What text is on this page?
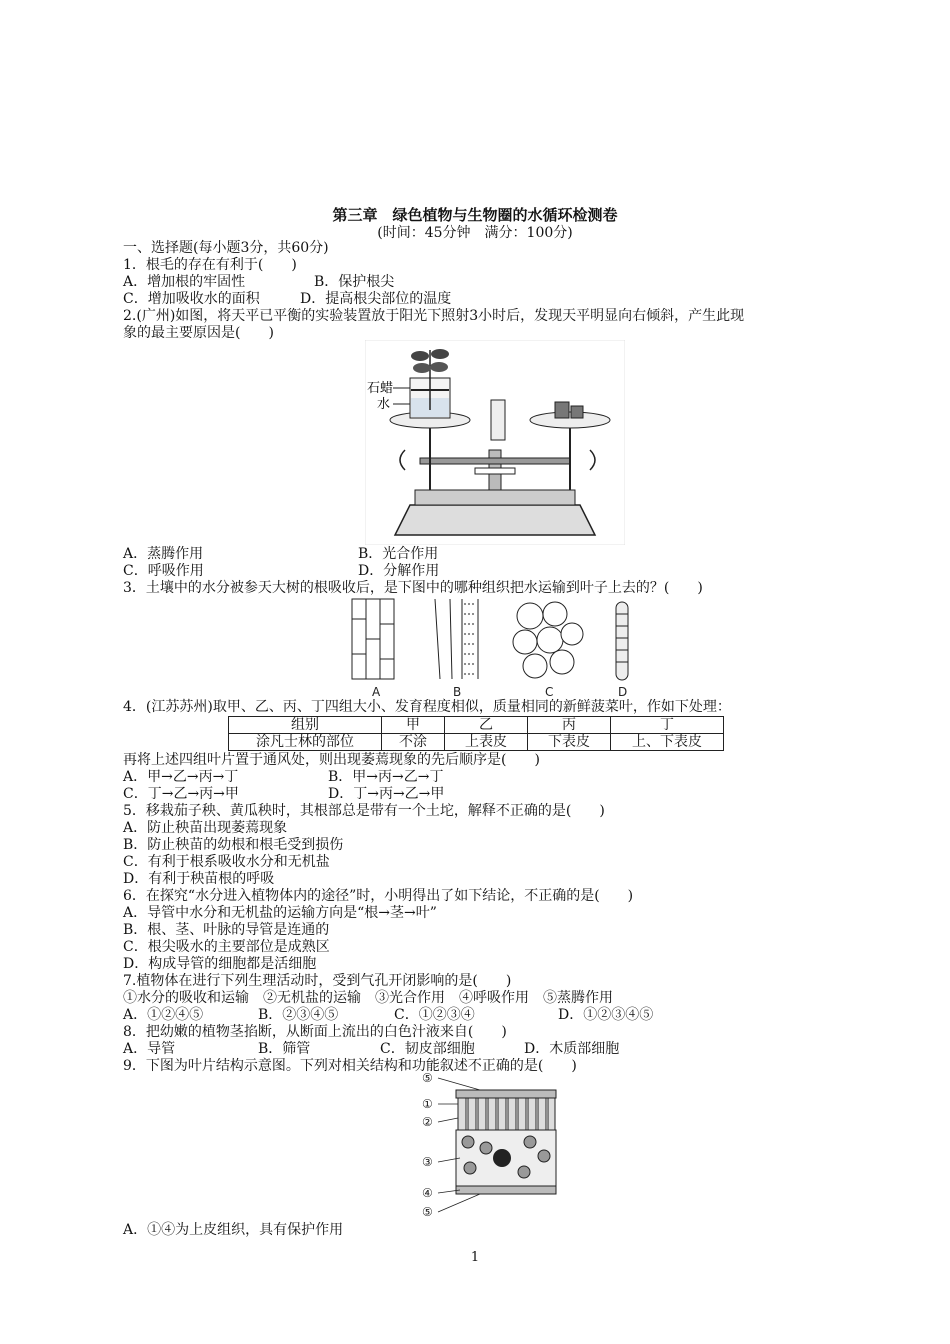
第三章　绿色植物与生物圈的水循环检测卷
(时间：45分钟　满分：100分)
一、选择题(每小题3分，共60分)
1．根毛的存在有利于(　　)
A．增加根的牢固性	B．保护根尖
C．增加吸收水的面积	D．提高根尖部位的温度
2.(广州)如图，将天平已平衡的实验装置放于阳光下照射3小时后，发现天平明显向右倾斜，产生此现
象的最主要原因是(　　)
石蜡
水
A．蒸腾作用	B．光合作用
C．呼吸作用	D．分解作用
3．土壤中的水分被参天大树的根吸收后，是下图中的哪种组织把水运输到叶子上去的？(　　)
A	B	C	D
4．(江苏苏州)取甲、乙、丙、丁四组大小、发育程度相似，质量相同的新鲜菠菜叶，作如下处理：
组别	甲	乙	丙	丁
涂凡士林的部位	不涂	上表皮	下表皮	上、下表皮
再将上述四组叶片置于通风处，则出现萎蔫现象的先后顺序是(　　)
A．甲→乙→丙→丁	B．甲→丙→乙→丁
C．丁→乙→丙→甲	D．丁→丙→乙→甲
5．移栽茄子秧、黄瓜秧时，其根部总是带有一个土坨，解释不正确的是(　　)
A．防止秧苗出现萎蔫现象
B．防止秧苗的幼根和根毛受到损伤
C．有利于根系吸收水分和无机盐
D．有利于秧苗根的呼吸
6．在探究“水分进入植物体内的途径”时，小明得出了如下结论，不正确的是(　　)
A．导管中水分和无机盐的运输方向是“根→茎→叶”
B．根、茎、叶脉的导管是连通的
C．根尖吸水的主要部位是成熟区
D．构成导管的细胞都是活细胞
7.植物体在进行下列生理活动时，受到气孔开闭影响的是(　　)
①水分的吸收和运输　②无机盐的运输　③光合作用　④呼吸作用　⑤蒸腾作用
A．①②④⑤	B．②③④⑤	C．①②③④	D．①②③④⑤
8．把幼嫩的植物茎掐断，从断面上流出的白色汁液来自(　　)
A．导管	B．筛管	C．韧皮部细胞	D．木质部细胞
9．下图为叶片结构示意图。下列对相关结构和功能叙述不正确的是(　　)
⑤
①
②
③
④
⑤
A．①④为上皮组织，具有保护作用
1
